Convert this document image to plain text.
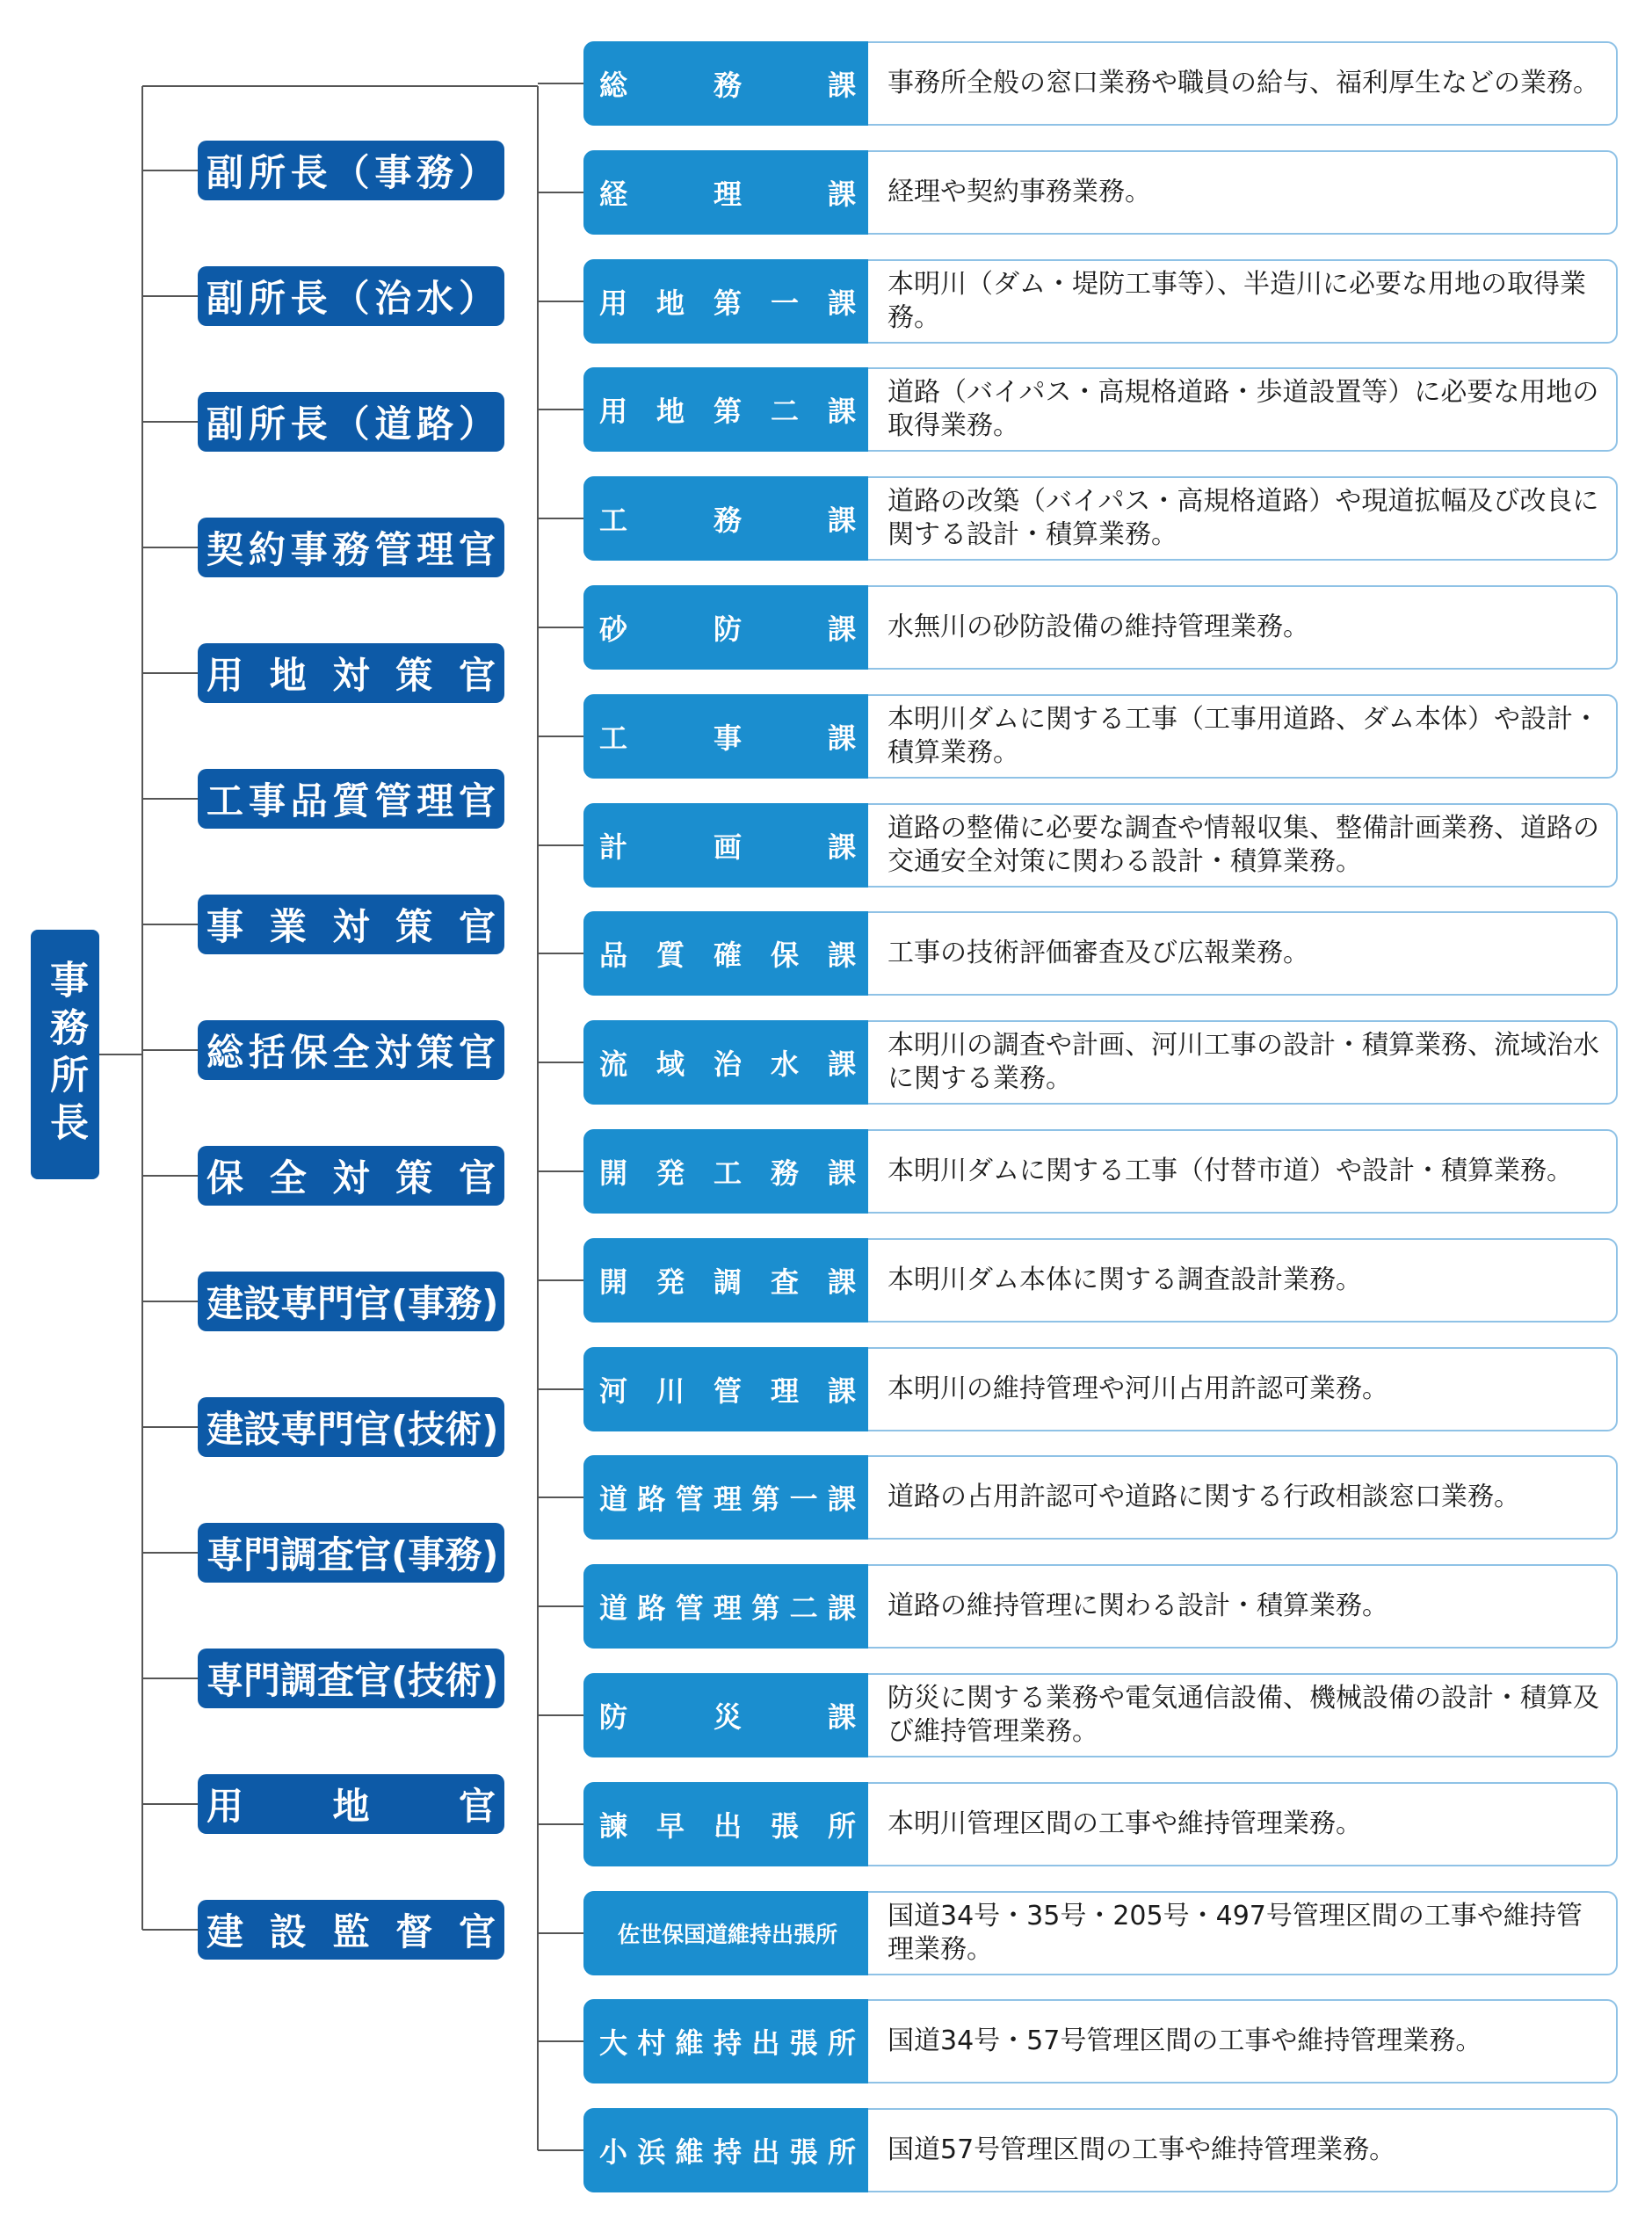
事務所長
副所長（事務）
副所長（治水）
副所長（道路）
契約事務管理官
用地対策官
工事品質管理官
事業対策官
総括保全対策官
保全対策官
建設専門官(事務)
建設専門官(技術)
専門調査官(事務)
専門調査官(技術)
用地官
建設監督官
総務課 事務所全般の窓口業務や職員の給与、福利厚生などの業務。
経理課 経理や契約事務業務。
用地第一課
本明川（ダム・堤防工事等）、半造川に必要な用地の取得業務。
用地第二課
道路（バイパス・高規格道路・歩道設置等）に必要な用地の取得業務。
工務課
道路の改築（バイパス・高規格道路）や現道拡幅及び改良に関する設計・積算業務。
砂防課 水無川の砂防設備の維持管理業務。
工事課
本明川ダムに関する工事（工事用道路、ダム本体）や設計・積算業務。
計画課
道路の整備に必要な調査や情報収集、整備計画業務、道路の交通安全対策に関わる設計・積算業務。
品質確保課 工事の技術評価審査及び広報業務。
流域治水課
本明川の調査や計画、河川工事の設計・積算業務、流域治水に関する業務。
開発工務課 本明川ダムに関する工事（付替市道）や設計・積算業務。
開発調査課 本明川ダム本体に関する調査設計業務。
河川管理課 本明川の維持管理や河川占用許認可業務。
道路管理第一課 道路の占用許認可や道路に関する行政相談窓口業務。
道路管理第二課 道路の維持管理に関わる設計・積算業務。
防災課
防災に関する業務や電気通信設備、機械設備の設計・積算及び維持管理業務。
諫早出張所 本明川管理区間の工事や維持管理業務。
佐世保国道維持出張所
国道34号・35号・205号・497号管理区間の工事や維持管理業務。
大村維持出張所 国道34号・57号管理区間の工事や維持管理業務。
小浜維持出張所 国道57号管理区間の工事や維持管理業務。
